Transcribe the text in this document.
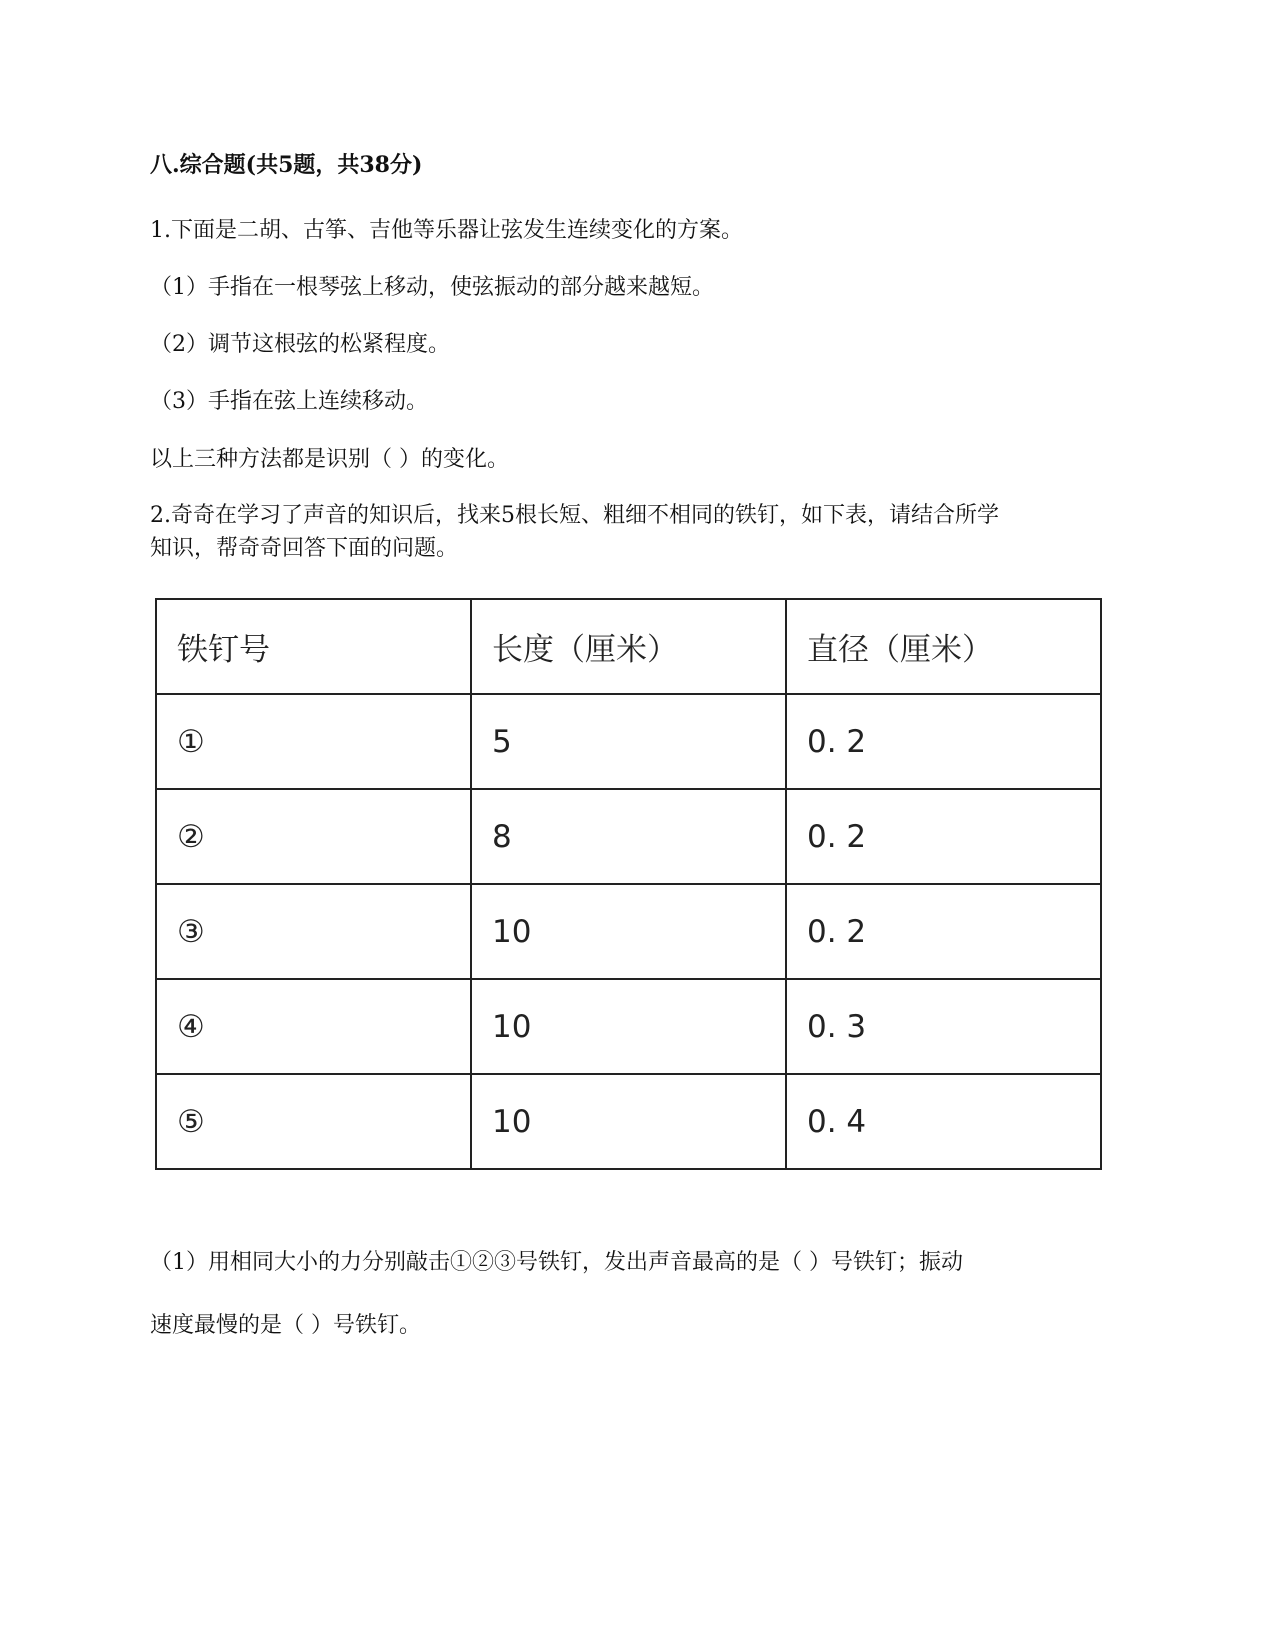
八.综合题(共5题，共38分)
1.下面是二胡、古筝、吉他等乐器让弦发生连续变化的方案。
（1）手指在一根琴弦上移动，使弦振动的部分越来越短。
（2）调节这根弦的松紧程度。
（3）手指在弦上连续移动。
以上三种方法都是识别（ ）的变化。
2.奇奇在学习了声音的知识后，找来5根长短、粗细不相同的铁钉，如下表，请结合所学
知识，帮奇奇回答下面的问题。
铁钉号	长度（厘米）	直径（厘米）
①	5	0. 2
②	8	0. 2
③	10	0. 2
④	10	0. 3
⑤	10	0. 4
（1）用相同大小的力分别敲击①②③号铁钉，发出声音最高的是（ ）号铁钉；振动
速度最慢的是（ ）号铁钉。
